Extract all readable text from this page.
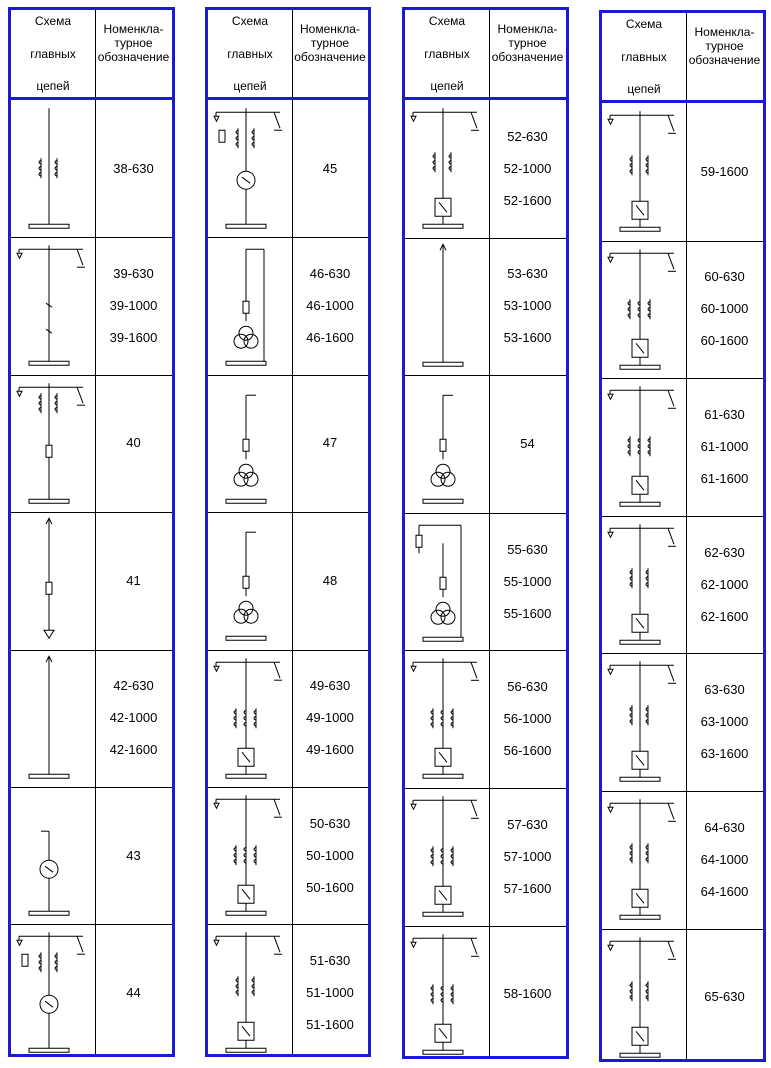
Схема
главных
цепей
Номенкла-
турное
обозначение
38-630
39-630
39-1000
39-1600
40
41
42-630
42-1000
42-1600
43
44
Схема
главных
цепей
Номенкла-
турное
обозначение
45
46-630
46-1000
46-1600
47
48
49-630
49-1000
49-1600
50-630
50-1000
50-1600
51-630
51-1000
51-1600
Схема
главных
цепей
Номенкла-
турное
обозначение
52-630
52-1000
52-1600
53-630
53-1000
53-1600
54
55-630
55-1000
55-1600
56-630
56-1000
56-1600
57-630
57-1000
57-1600
58-1600
Схема
главных
цепей
Номенкла-
турное
обозначение
59-1600
60-630
60-1000
60-1600
61-630
61-1000
61-1600
62-630
62-1000
62-1600
63-630
63-1000
63-1600
64-630
64-1000
64-1600
65-630
